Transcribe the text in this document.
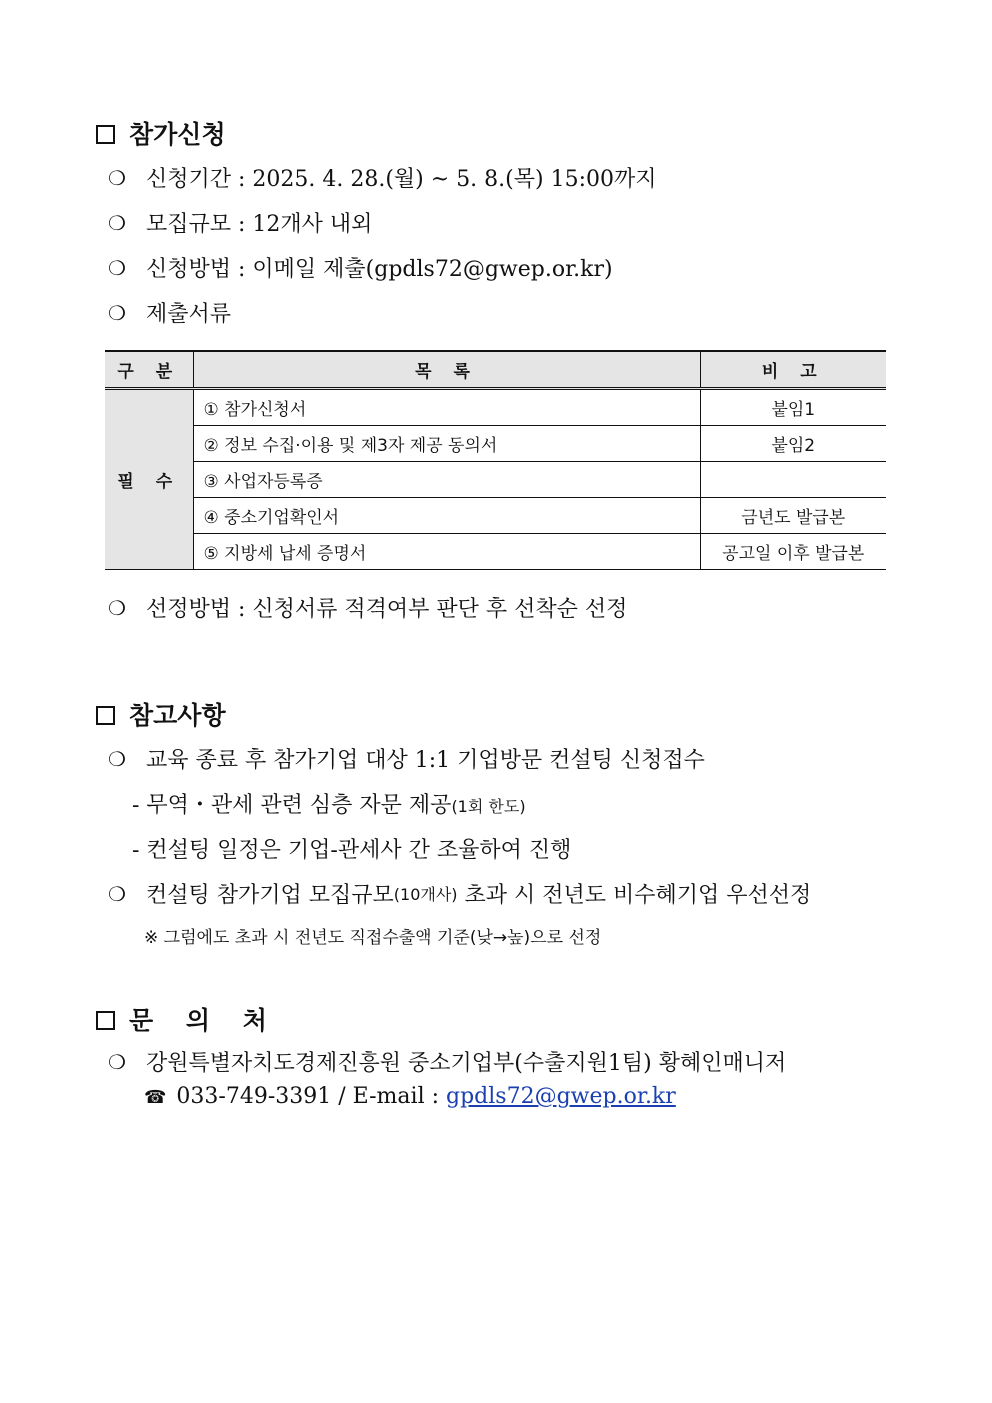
참가신청
❍ 신청기간 : 2025. 4. 28.(월) ~ 5. 8.(목) 15:00까지
❍ 모집규모 : 12개사 내외
❍ 신청방법 : 이메일 제출(gpdls72@gwep.or.kr)
❍ 제출서류
구 분	목 록	비 고
필 수	① 참가신청서	붙임1
	② 정보 수집·이용 및 제3자 제공 동의서	붙임2
	③ 사업자등록증	
	④ 중소기업확인서	금년도 발급본
	⑤ 지방세 납세 증명서	공고일 이후 발급본
❍ 선정방법 : 신청서류 적격여부 판단 후 선착순 선정
참고사항
❍ 교육 종료 후 참가기업 대상 1:1 기업방문 컨설팅 신청접수
- 무역・관세 관련 심층 자문 제공(1회 한도)
- 컨설팅 일정은 기업-관세사 간 조율하여 진행
❍ 컨설팅 참가기업 모집규모 (10개사) 초과 시 전년도 비수혜기업 우선선정
※ 그럼에도 초과 시 전년도 직접수출액 기준(낮→높)으로 선정
문 의 처
❍ 강원특별자치도경제진흥원 중소기업부(수출지원1팀) 황혜인매니저
☎ 033-749-3391 / E-mail : gpdls72@gwep.or.kr
